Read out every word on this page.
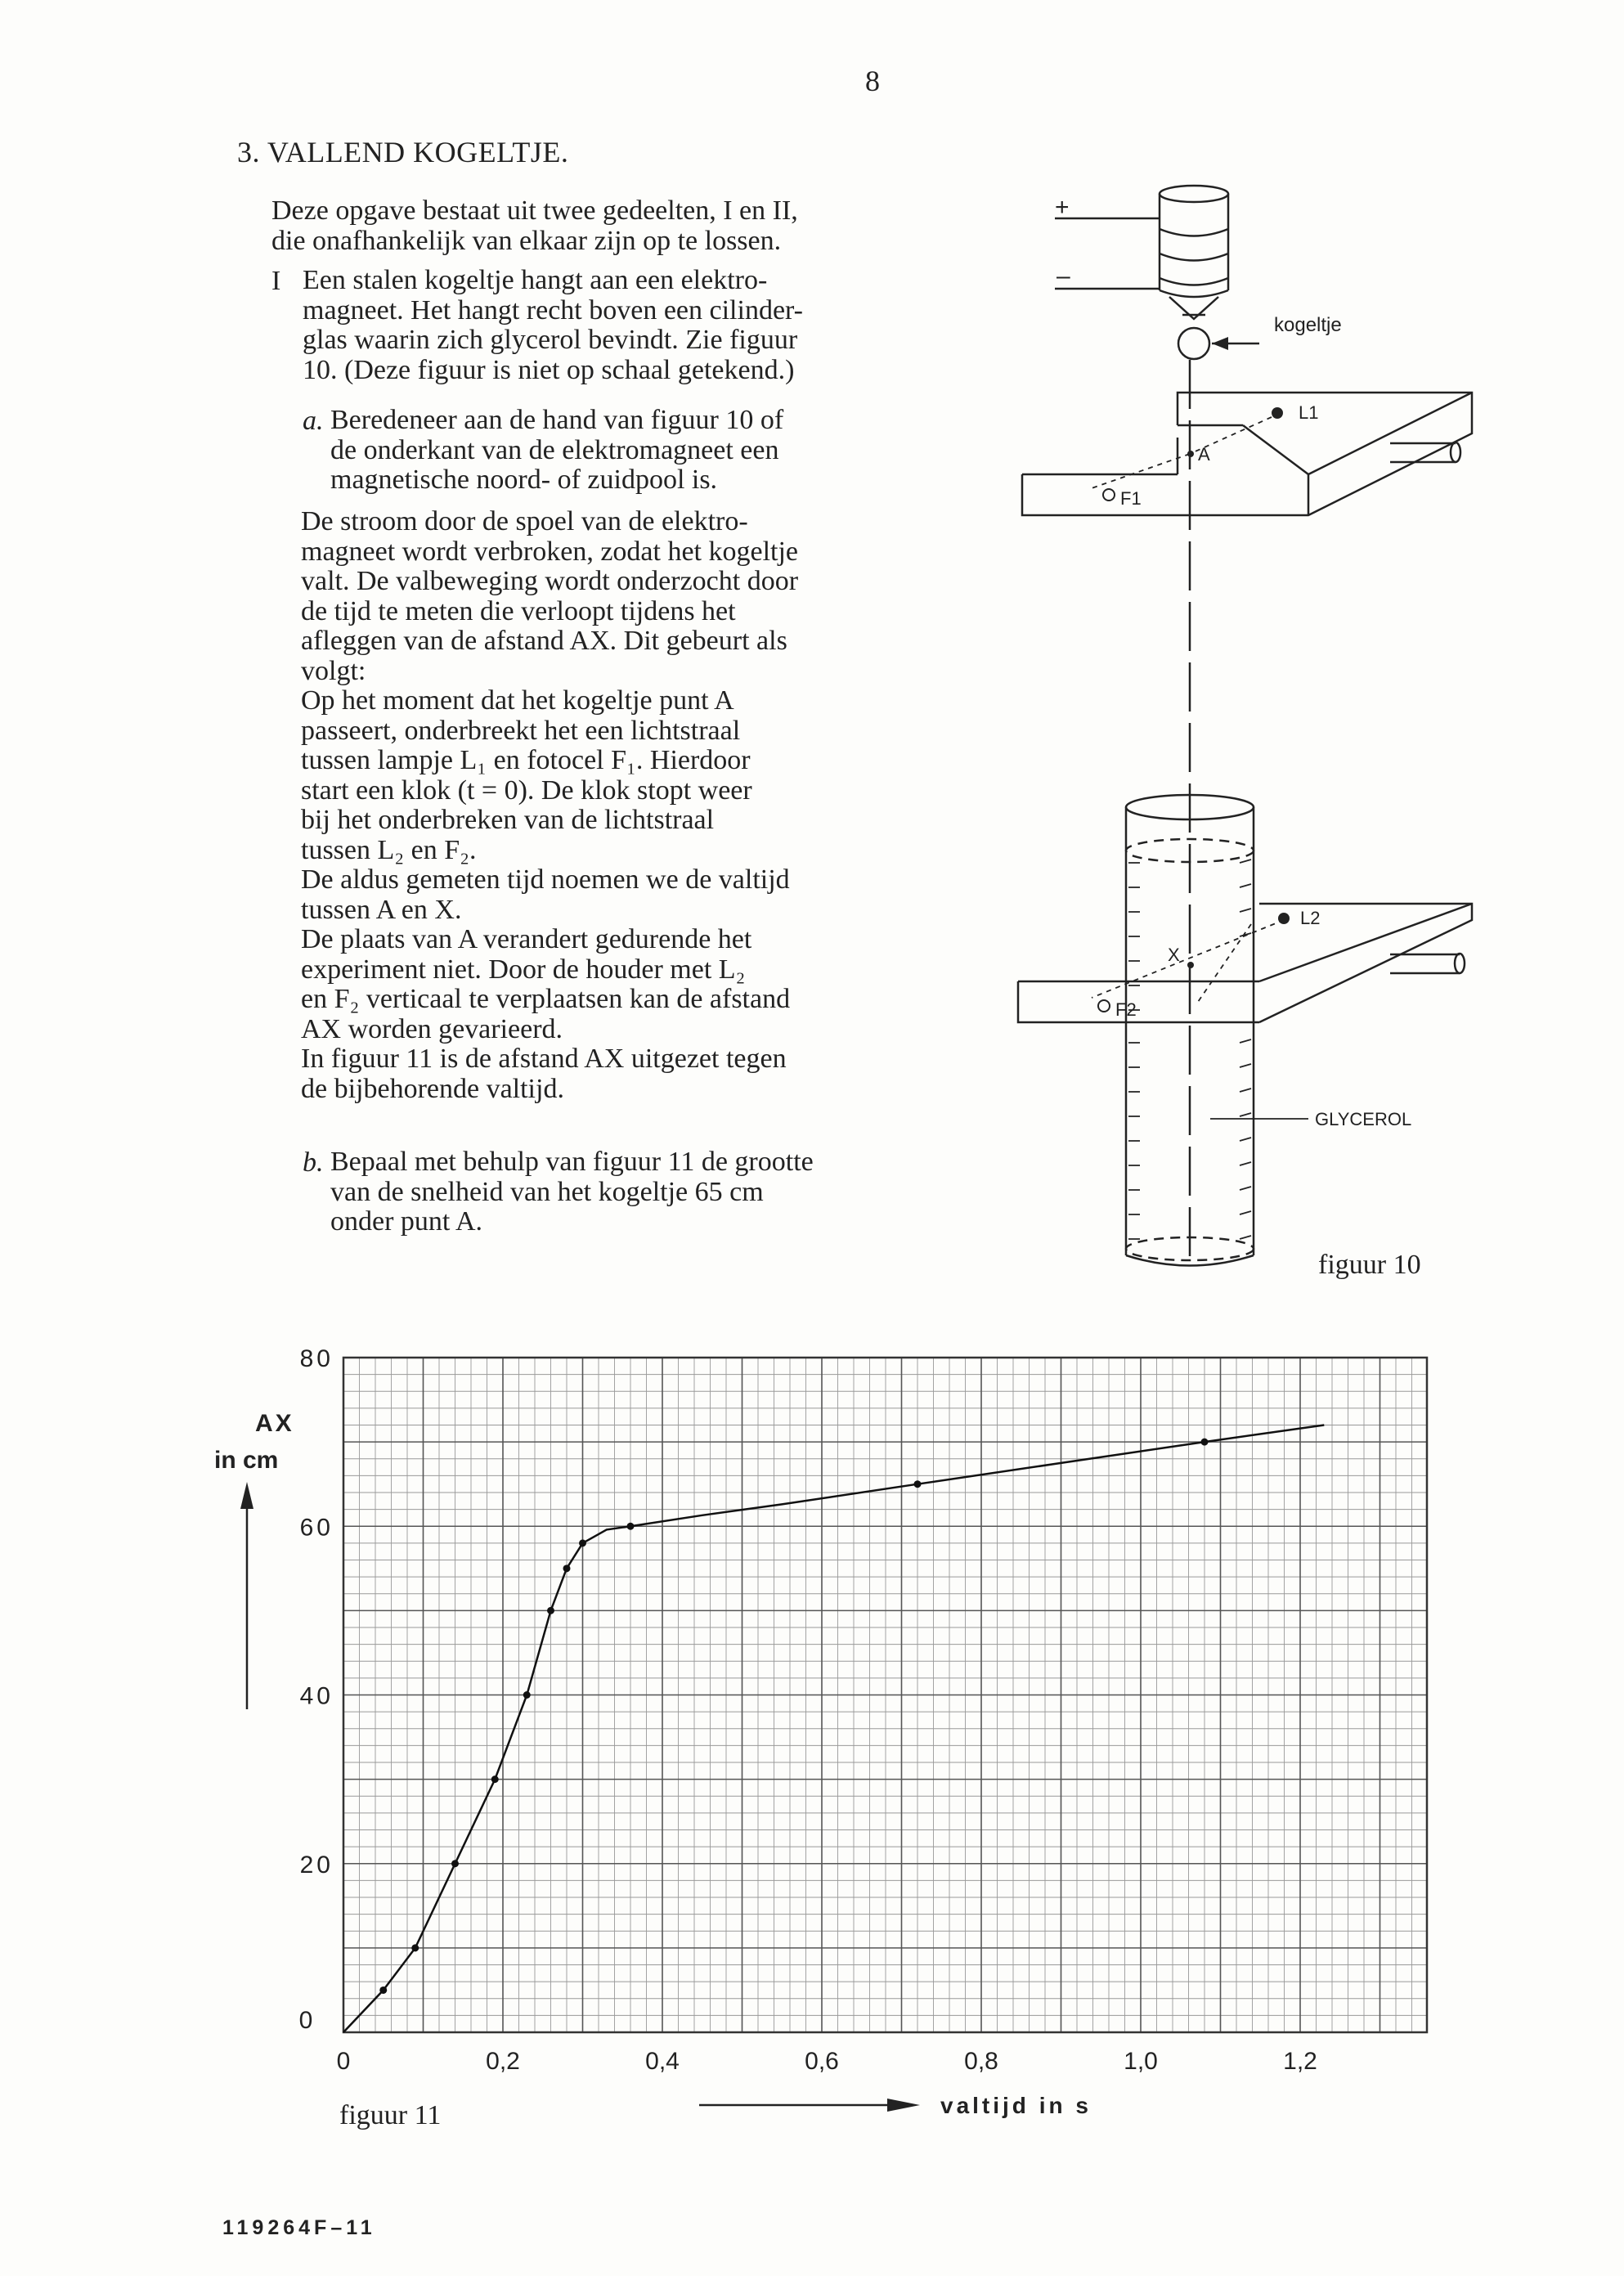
8
3. VALLEND KOGELTJE.
Deze opgave bestaat uit twee gedeelten, I en II,
die onafhankelijk van elkaar zijn op te lossen.
I Een stalen kogeltje hangt aan een elektro-
magneet. Het hangt recht boven een cilinder-
glas waarin zich glycerol bevindt. Zie figuur
10. (Deze figuur is niet op schaal getekend.)
a. Beredeneer aan de hand van figuur 10 of
de onderkant van de elektromagneet een
magnetische noord- of zuidpool is.
De stroom door de spoel van de elektro-
magneet wordt verbroken, zodat het kogeltje
valt. De valbeweging wordt onderzocht door
de tijd te meten die verloopt tijdens het
afleggen van de afstand AX. Dit gebeurt als
volgt:
Op het moment dat het kogeltje punt A
passeert, onderbreekt het een lichtstraal
tussen lampje L₁ en fotocel F₁. Hierdoor
start een klok (t = 0). De klok stopt weer
bij het onderbreken van de lichtstraal
tussen L₂ en F₂.
De aldus gemeten tijd noemen we de valtijd
tussen A en X.
De plaats van A verandert gedurende het
experiment niet. Door de houder met L₂
en F₂ verticaal te verplaatsen kan de afstand
AX worden gevarieerd.
In figuur 11 is de afstand AX uitgezet tegen
de bijbehorende valtijd.
b. Bepaal met behulp van figuur 11 de grootte
van de snelheid van het kogeltje 65 cm
onder punt A.
+
–
kogeltje
L1
F1
A
L2
F2
X
GLYCEROL
figuur 10
0	0,2	0,4	0,6	0,8	1,0	1,2
20
40
60
80
0
AX
in cm
valtijd in s
figuur 11
119264F–11
